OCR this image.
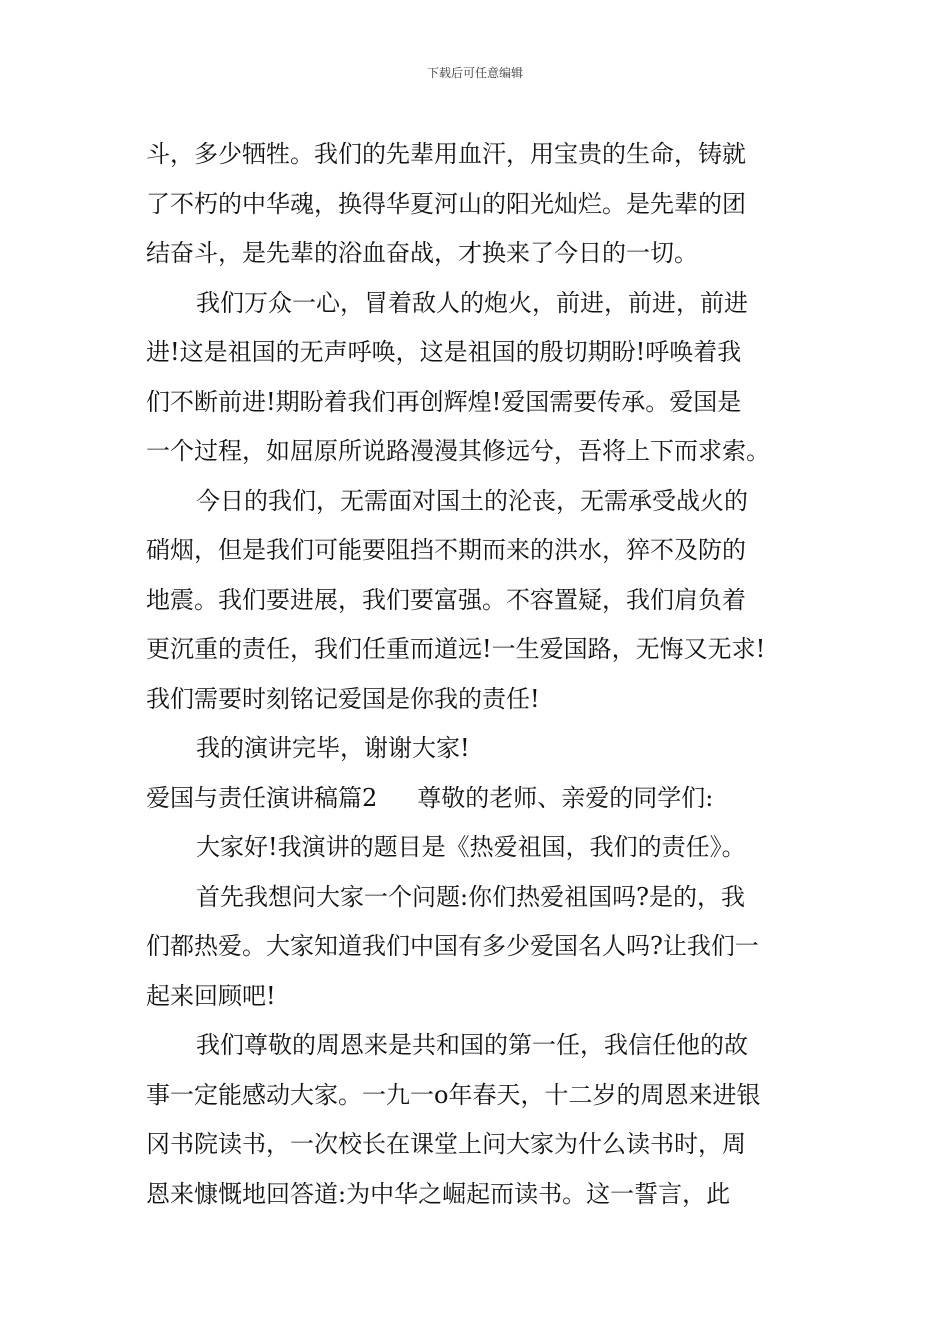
下载后可任意编辑
斗，多少牺牲。我们的先辈用血汗，用宝贵的生命，铸就
了不朽的中华魂，换得华夏河山的阳光灿烂。是先辈的团
结奋斗，是先辈的浴血奋战，才换来了今日的一切。
我们万众一心，冒着敌人的炮火，前进，前进，前进
进!这是祖国的无声呼唤，这是祖国的殷切期盼!呼唤着我
们不断前进!期盼着我们再创辉煌!爱国需要传承。爱国是
一个过程，如屈原所说路漫漫其修远兮，吾将上下而求索。
今日的我们，无需面对国土的沦丧，无需承受战火的
硝烟，但是我们可能要阻挡不期而来的洪水，猝不及防的
地震。我们要进展，我们要富强。不容置疑，我们肩负着
更沉重的责任，我们任重而道远!一生爱国路，无悔又无求!
我们需要时刻铭记爱国是你我的责任!
我的演讲完毕，谢谢大家!
爱国与责任演讲稿篇2 尊敬的老师、亲爱的同学们:
大家好!我演讲的题目是《热爱祖国，我们的责任》。
首先我想问大家一个问题:你们热爱祖国吗?是的，我
们都热爱。大家知道我们中国有多少爱国名人吗?让我们一
起来回顾吧!
我们尊敬的周恩来是共和国的第一任，我信任他的故
事一定能感动大家。一九一o年春天，十二岁的周恩来进银
冈书院读书，一次校长在课堂上问大家为什么读书时，周
恩来慷慨地回答道:为中华之崛起而读书。这一誓言，此
